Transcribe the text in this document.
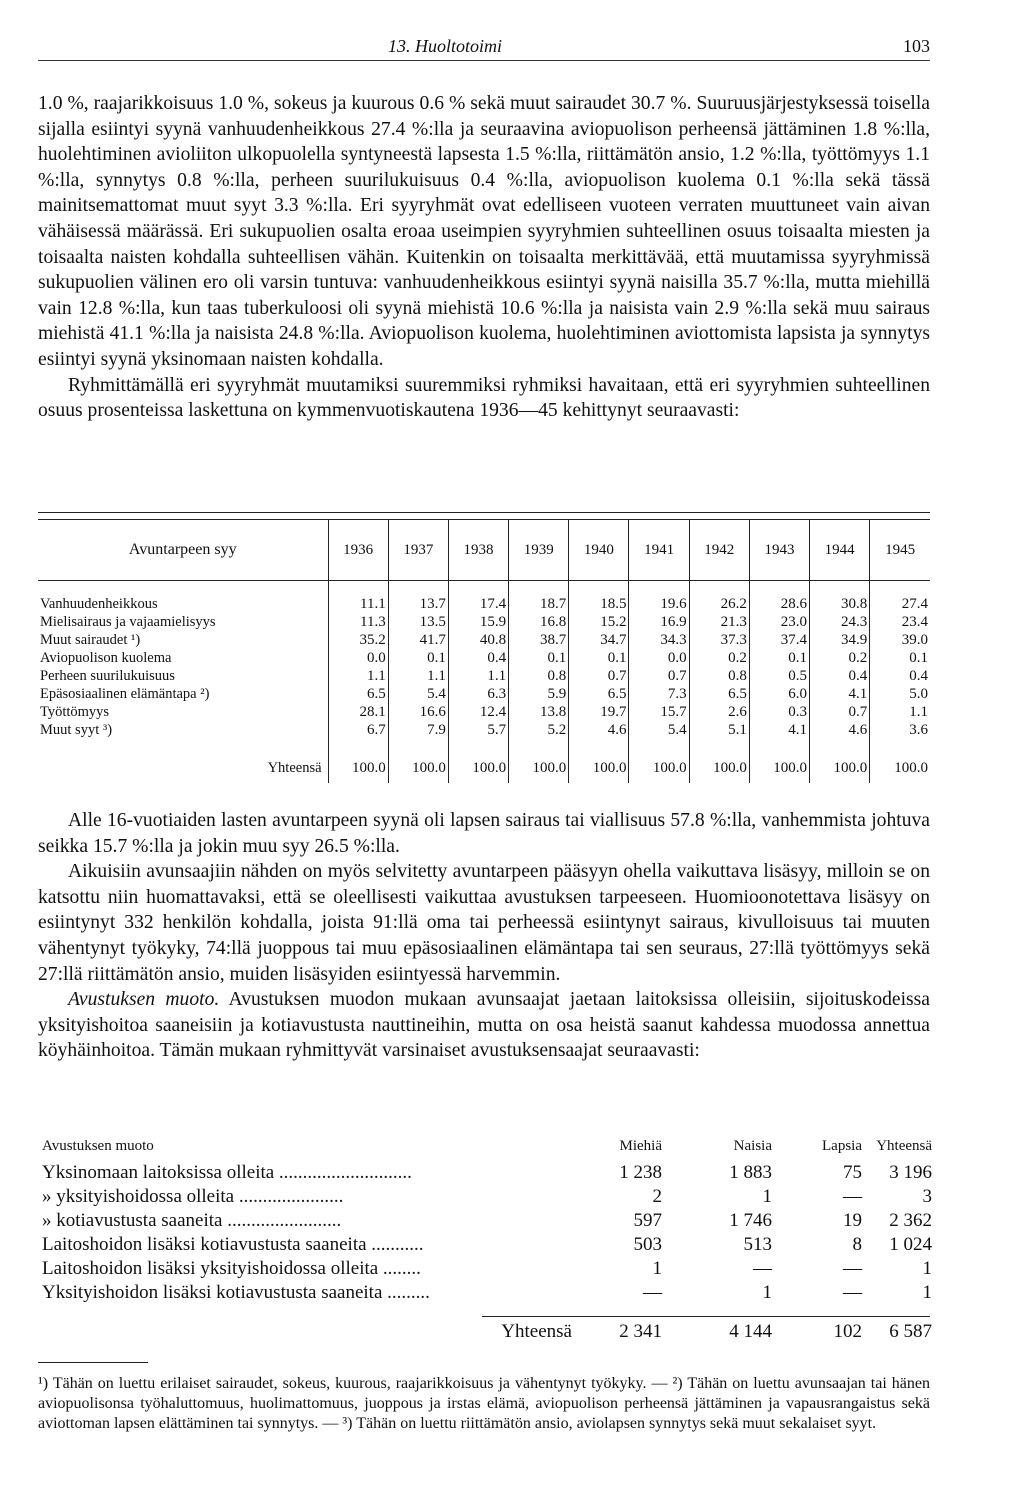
13. Huoltotoimi	103

1.0 %, raajarikkoisuus 1.0 %, sokeus ja kuurous 0.6 % sekä muut sairaudet 30.7 %. Suuruusjärjestyksessä toisella sijalla esiintyi syynä vanhuudenheikkous 27.4 %:lla ja seuraavina aviopuolison perheensä jättäminen 1.8 %:lla, huolehtiminen avioliiton ulkopuolella syntyneestä lapsesta 1.5 %:lla, riittämätön ansio, 1.2 %:lla, työttömyys 1.1 %:lla, synnytys 0.8 %:lla, perheen suurilukuisuus 0.4 %:lla, aviopuolison kuolema 0.1 %:lla sekä tässä mainitsemattomat muut syyt 3.3 %:lla. Eri syyryhmät ovat edelliseen vuoteen verraten muuttuneet vain aivan vähäisessä määrässä. Eri sukupuolien osalta eroaa useimpien syyryhmien suhteellinen osuus toisaalta miesten ja toisaalta naisten kohdalla suhteellisen vähän. Kuitenkin on toisaalta merkittävää, että muutamissa syyryhmissä sukupuolien välinen ero oli varsin tuntuva: vanhuudenheikkous esiintyi syynä naisilla 35.7 %:lla, mutta miehillä vain 12.8 %:lla, kun taas tuberkuloosi oli syynä miehistä 10.6 %:lla ja naisista vain 2.9 %:lla sekä muu sairaus miehistä 41.1 %:lla ja naisista 24.8 %:lla. Aviopuolison kuolema, huolehtiminen aviottomista lapsista ja synnytys esiintyi syynä yksinomaan naisten kohdalla.

Ryhmittämällä eri syyryhmät muutamiksi suuremmiksi ryhmiksi havaitaan, että eri syyryhmien suhteellinen osuus prosenteissa laskettuna on kymmenvuotiskautena 1936—45 kehittynyt seuraavasti:

Avuntarpeen syy	1936	1937	1938	1939	1940	1941	1942	1943	1944	1945

Vanhuudenheikkous	11.1	13.7	17.4	18.7	18.5	19.6	26.2	28.6	30.8	27.4
Mielisairaus ja vajaamielisyys	11.3	13.5	15.9	16.8	15.2	16.9	21.3	23.0	24.3	23.4
Muut sairaudet ¹)	35.2	41.7	40.8	38.7	34.7	34.3	37.3	37.4	34.9	39.0
Aviopuolison kuolema	0.0	0.1	0.4	0.1	0.1	0.0	0.2	0.1	0.2	0.1
Perheen suurilukuisuus	1.1	1.1	1.1	0.8	0.7	0.7	0.8	0.5	0.4	0.4
Epäsosiaalinen elämäntapa ²)	6.5	5.4	6.3	5.9	6.5	7.3	6.5	6.0	4.1	5.0
Työttömyys	28.1	16.6	12.4	13.8	19.7	15.7	2.6	0.3	0.7	1.1
Muut syyt ³)	6.7	7.9	5.7	5.2	4.6	5.4	5.1	4.1	4.6	3.6

Yhteensä	100.0	100.0	100.0	100.0	100.0	100.0	100.0	100.0	100.0	100.0

Alle 16-vuotiaiden lasten avuntarpeen syynä oli lapsen sairaus tai viallisuus 57.8 %:lla, vanhemmista johtuva seikka 15.7 %:lla ja jokin muu syy 26.5 %:lla.

Aikuisiin avunsaajiin nähden on myös selvitetty avuntarpeen pääsyyn ohella vaikuttava lisäsyy, milloin se on katsottu niin huomattavaksi, että se oleellisesti vaikuttaa avustuksen tarpeeseen. Huomioonotettava lisäsyy on esiintynyt 332 henkilön kohdalla, joista 91:llä oma tai perheessä esiintynyt sairaus, kivulloisuus tai muuten vähentynyt työkyky, 74:llä juoppous tai muu epäsosiaalinen elämäntapa tai sen seuraus, 27:llä työttömyys sekä 27:llä riittämätön ansio, muiden lisäsyiden esiintyessä harvemmin.

Avustuksen muoto. Avustuksen muodon mukaan avunsaajat jaetaan laitoksissa olleisiin, sijoituskodeissa yksityishoitoa saaneisiin ja kotiavustusta nauttineihin, mutta on osa heistä saanut kahdessa muodossa annettua köyhäinhoitoa. Tämän mukaan ryhmittyvät varsinaiset avustuksensaajat seuraavasti:

Avustuksen muoto	Miehiä	Naisia	Lapsia Yhteensä
Yksinomaan laitoksissa olleita ............................	1 238	1 883	75	3 196
» yksityishoidossa olleita ......................	2	1	—	3
» kotiavustusta saaneita ........................	597	1 746	19	2 362
Laitoshoidon lisäksi kotiavustusta saaneita ...........	503	513	8	1 024
Laitoshoidon lisäksi yksityishoidossa olleita ........	1	—	—	1
Yksityishoidon lisäksi kotiavustusta saaneita .........	—	1	—	1
Yhteensä	2 341	4 144	102	6 587

¹) Tähän on luettu erilaiset sairaudet, sokeus, kuurous, raajarikkoisuus ja vähentynyt työkyky. — ²) Tähän on luettu avunsaajan tai hänen aviopuolisonsa työhaluttomuus, huolimattomuus, juoppous ja irstas elämä, aviopuolison perheensä jättäminen ja vapausrangaistus sekä aviottoman lapsen elättäminen tai synnytys. — ³) Tähän on luettu riittämätön ansio, aviolapsen synnytys sekä muut sekalaiset syyt.
